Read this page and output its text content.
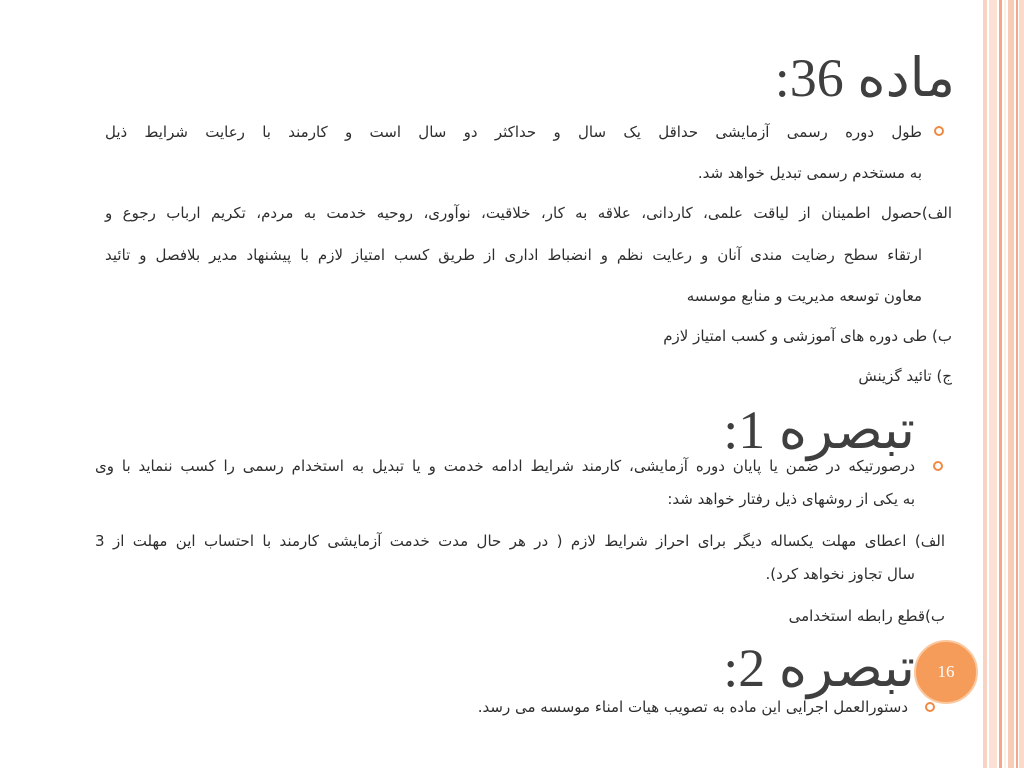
ماده 36:
طول دوره رسمی آزمایشی حداقل یک سال و حداکثر دو سال است و کارمند با رعایت شرایط ذیل
به مستخدم رسمی تبدیل خواهد شد.
الف)حصول اطمینان از لیاقت علمی، کاردانی، علاقه به کار، خلاقیت، نوآوری، روحیه خدمت به مردم، تکریم ارباب رجوع و
ارتقاء سطح رضایت مندی آنان و رعایت نظم و انضباط اداری از طریق کسب امتیاز لازم با پیشنهاد مدیر بلافصل و تائید
معاون توسعه مدیریت و منابع موسسه
ب) طی دوره های آموزشی و کسب امتیاز لازم
ج) تائید گزینش
تبصره 1:
درصورتیکه در ضمن یا پایان دوره آزمایشی، کارمند شرایط ادامه خدمت و یا تبدیل به استخدام رسمی را کسب ننماید با وی
به یکی از روشهای ذیل رفتار خواهد شد:
الف) اعطای مهلت یکساله دیگر برای احراز شرایط لازم ( در هر حال مدت خدمت آزمایشی کارمند با احتساب این مهلت از 3
سال تجاوز نخواهد کرد).
ب)قطع رابطه استخدامی
16
تبصره 2:
دستورالعمل اجرایی این ماده به تصویب هیات امناء موسسه می رسد.
